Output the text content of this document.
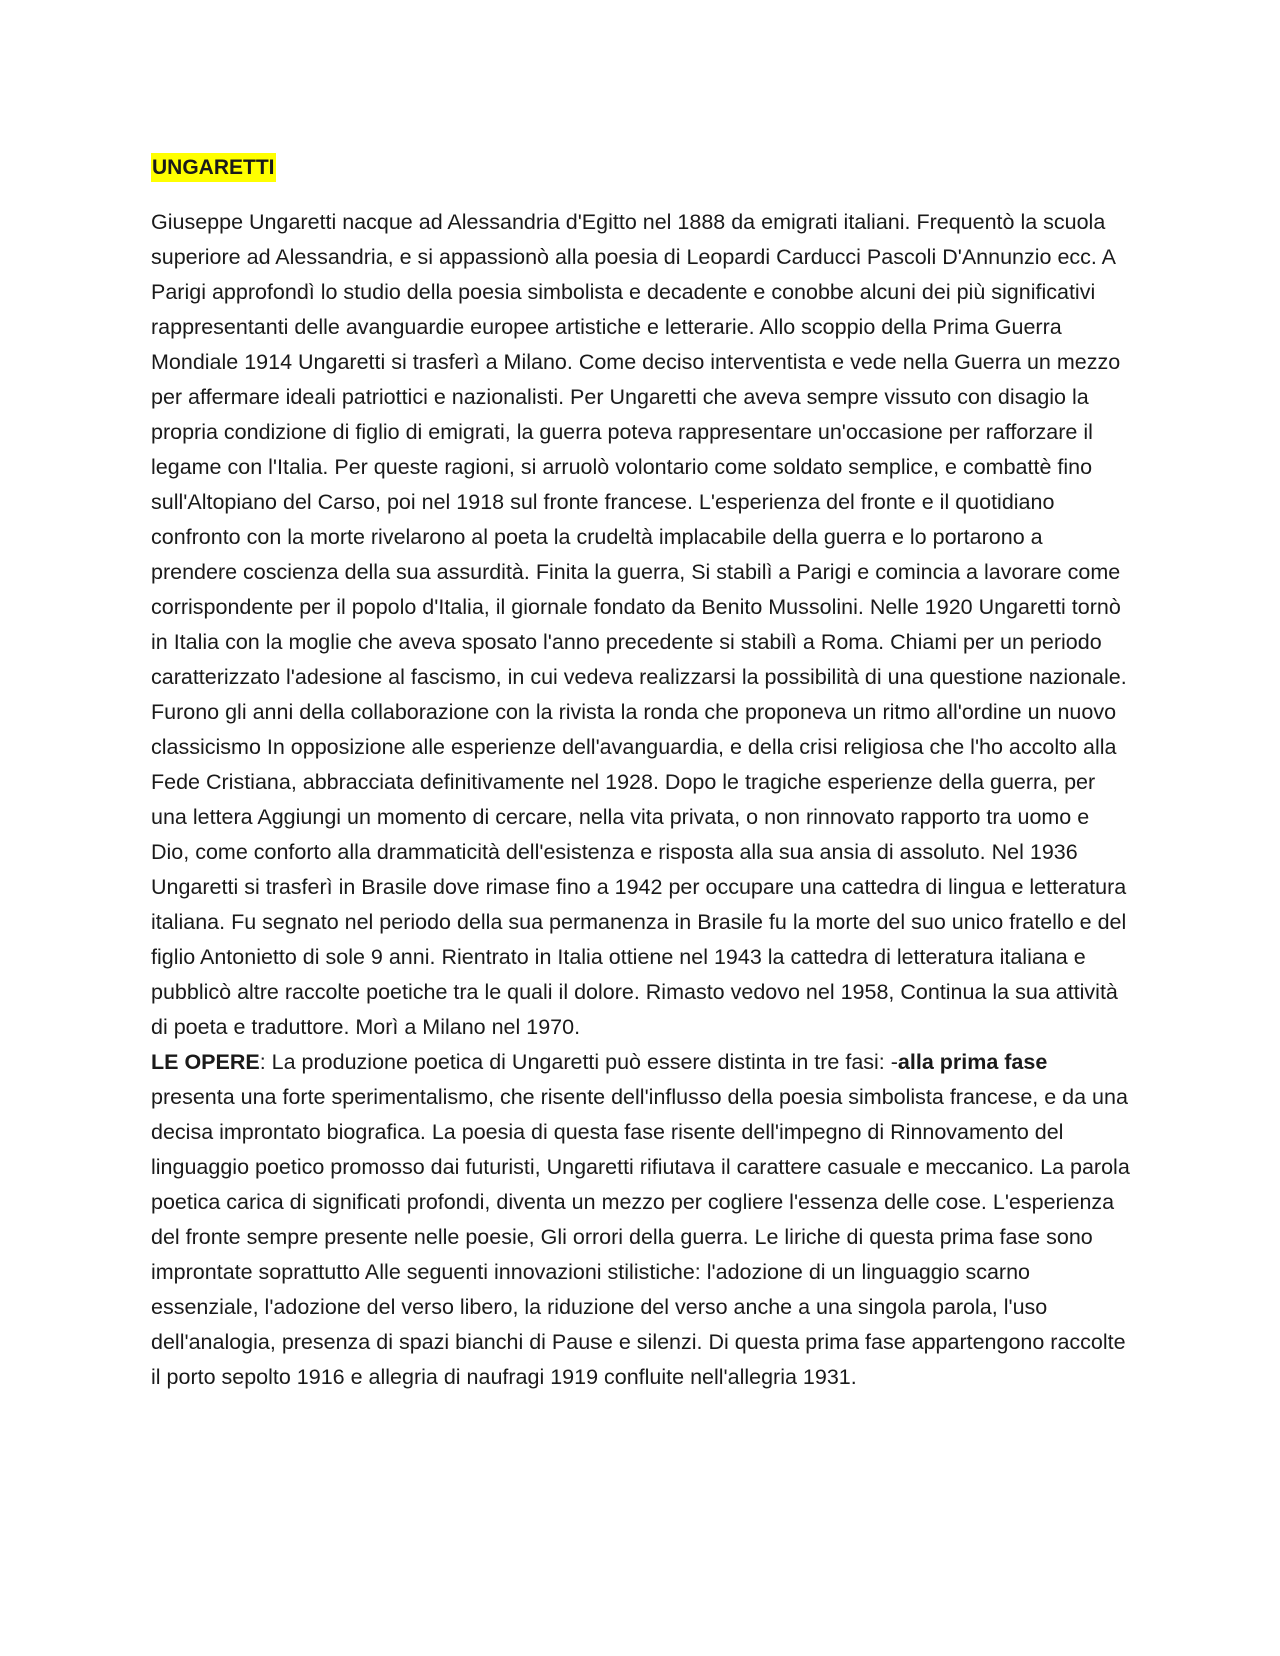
UNGARETTI

Giuseppe Ungaretti nacque ad Alessandria d'Egitto nel 1888 da emigrati italiani. Frequentò la scuola superiore ad Alessandria, e si appassionò alla poesia di Leopardi Carducci Pascoli D'Annunzio ecc. A Parigi approfondì lo studio della poesia simbolista e decadente e conobbe alcuni dei più significativi rappresentanti delle avanguardie europee artistiche e letterarie. Allo scoppio della Prima Guerra Mondiale 1914 Ungaretti si trasferì a Milano. Come deciso interventista e vede nella Guerra un mezzo per affermare ideali patriottici e nazionalisti. Per Ungaretti che aveva sempre vissuto con disagio la propria condizione di figlio di emigrati, la guerra poteva rappresentare un'occasione per rafforzare il legame con l'Italia. Per queste ragioni, si arruolò volontario come soldato semplice, e combattè fino sull'Altopiano del Carso, poi nel 1918 sul fronte francese. L'esperienza del fronte e il quotidiano confronto con la morte rivelarono al poeta la crudeltà implacabile della guerra e lo portarono a prendere coscienza della sua assurdità. Finita la guerra, Si stabilì a Parigi e comincia a lavorare come corrispondente per il popolo d'Italia, il giornale fondato da Benito Mussolini. Nelle 1920 Ungaretti tornò in Italia con la moglie che aveva sposato l'anno precedente si stabilì a Roma. Chiami per un periodo caratterizzato l'adesione al fascismo, in cui vedeva realizzarsi la possibilità di una questione nazionale. Furono gli anni della collaborazione con la rivista la ronda che proponeva un ritmo all'ordine un nuovo classicismo In opposizione alle esperienze dell'avanguardia, e della crisi religiosa che l'ho accolto alla Fede Cristiana, abbracciata definitivamente nel 1928. Dopo le tragiche esperienze della guerra, per una lettera Aggiungi un momento di cercare, nella vita privata, o non rinnovato rapporto tra uomo e Dio, come conforto alla drammaticità dell'esistenza e risposta alla sua ansia di assoluto. Nel 1936 Ungaretti si trasferì in Brasile dove rimase fino a 1942 per occupare una cattedra di lingua e letteratura italiana. Fu segnato nel periodo della sua permanenza in Brasile fu la morte del suo unico fratello e del figlio Antonietto di sole 9 anni. Rientrato in Italia ottiene nel 1943 la cattedra di letteratura italiana e pubblicò altre raccolte poetiche tra le quali il dolore. Rimasto vedovo nel 1958, Continua la sua attività di poeta e traduttore. Morì a Milano nel 1970.

LE OPERE: La produzione poetica di Ungaretti può essere distinta in tre fasi: -alla prima fase presenta una forte sperimentalismo, che risente dell'influsso della poesia simbolista francese, e da una decisa improntato biografica. La poesia di questa fase risente dell'impegno di Rinnovamento del linguaggio poetico promosso dai futuristi, Ungaretti rifiutava il carattere casuale e meccanico. La parola poetica carica di significati profondi, diventa un mezzo per cogliere l'essenza delle cose. L'esperienza del fronte sempre presente nelle poesie, Gli orrori della guerra. Le liriche di questa prima fase sono improntate soprattutto Alle seguenti innovazioni stilistiche: l'adozione di un linguaggio scarno essenziale, l'adozione del verso libero, la riduzione del verso anche a una singola parola, l'uso dell'analogia, presenza di spazi bianchi di Pause e silenzi. Di questa prima fase appartengono raccolte il porto sepolto 1916 e allegria di naufragi 1919 confluite nell'allegria 1931.
